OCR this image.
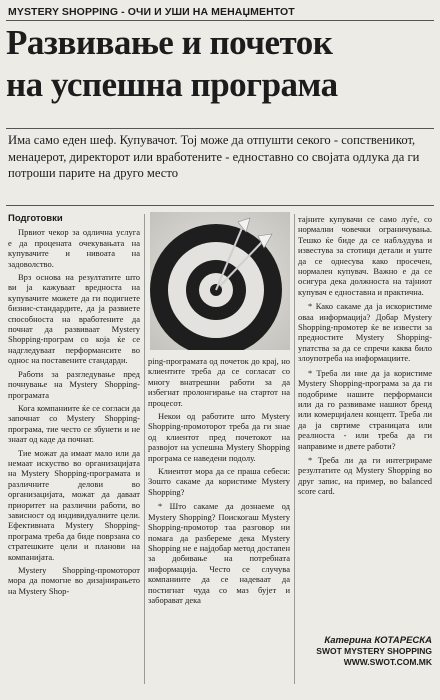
MYSTERY SHOPPING - ОЧИ И УШИ НА МЕНАЏМЕНТОТ
Развивање и почеток
на успешна програма
Има само еден шеф. Купувачот. Тој може да отпушти секого - сопственикот, менаџерот, директорот или вработените - едноставно со својата одлука да ги потроши парите на друго место
Подготовки

Првиот чекор за одлична услуга е да процената очекувањата на купувачите и нивоата на задоволство.

Врз основа на резултатите што ви ја кажуваат вредноста на купувачите можете да ги подигнете бизнис-стандардите, да ја развиете способноста на вработените да почнат да развиваат Mystery Shopping-програм со која ќе се надгледуваат перформансите во однос на поставените стандарди.

Работи за разгледување пред почнување на Mystery Shopping-програмата

Кога компаниите ќе се согласи да започнат со Mystery Shopping-програма, тие често се збунети и не знаат од каде да почнат.

Тие можат да имаат мало или да немаат искуство во организацијата на Mystery Shopping-програмата и различните делови во организацијата, можат да даваат приоритет на различни работи, во зависност од индивидуалните цели. Ефективната Mystery Shopping- програма треба да биде поврзана со стратешките цели и планови на компанијата.

Mystery Shopping-промоторот мора да помогне во дизајнирањето на Mystery Shop-

ping-програмата од почеток до крај, но клиентите треба да се согласат со многу внатрешни работи за да избегнат пролонгирање на стартот на процесот.

Некои од работите што Mystery Shopping-промоторот треба да ги знае од клиентот пред почетокот на развојот на успешна Mystery Shopping програма се наведени подолу.

Клиентот мора да се праша себеси: Зошто сакаме да користиме Mystery Shopping?

* Што сакаме да дознаеме од Mystery Shopping? Поискогаш Mystery Shopping-промотор таа разговор ни помага да разбереме дека Mystery Shopping не е најдобар метод достапен за добивање на потребната информација. Често се случува компаниите да се надеваат да постигнат чуда со маз бујет и заборават дека

тајните купувачи се само луѓе, со нормални човечки ограничувања. Тешко ќе биде да се набљудува и известува за стотици детали и уште да се однесува како просечен, нормален купувач. Важно е да се осигура дека должноста на тајниот купувач е едноставна и практична.

* Како сакаме да ја искористиме оваа информација? Добар Mystery Shopping-промотер ќе ве извести за предностите Mystery Shopping-упатства за да се спречи каква било злоупотреба на информациите.

* Треба ли ние да ја користиме Mystery Shopping-програма за да ги подобриме нашите перформанси или да го развиваме нашиот бренд или комерцијален концепт. Треба ли да ја свртиме страницата или реалноста - или треба да ги направиме и двете работи?

* Треба ли да ги интегрираме резултатите од Mystery Shopping во друг запис, на пример, во balanced score card.

Катерина КОТАРЕСКА
SWOT MYSTERY SHOPPING
WWW.SWOT.COM.MK
